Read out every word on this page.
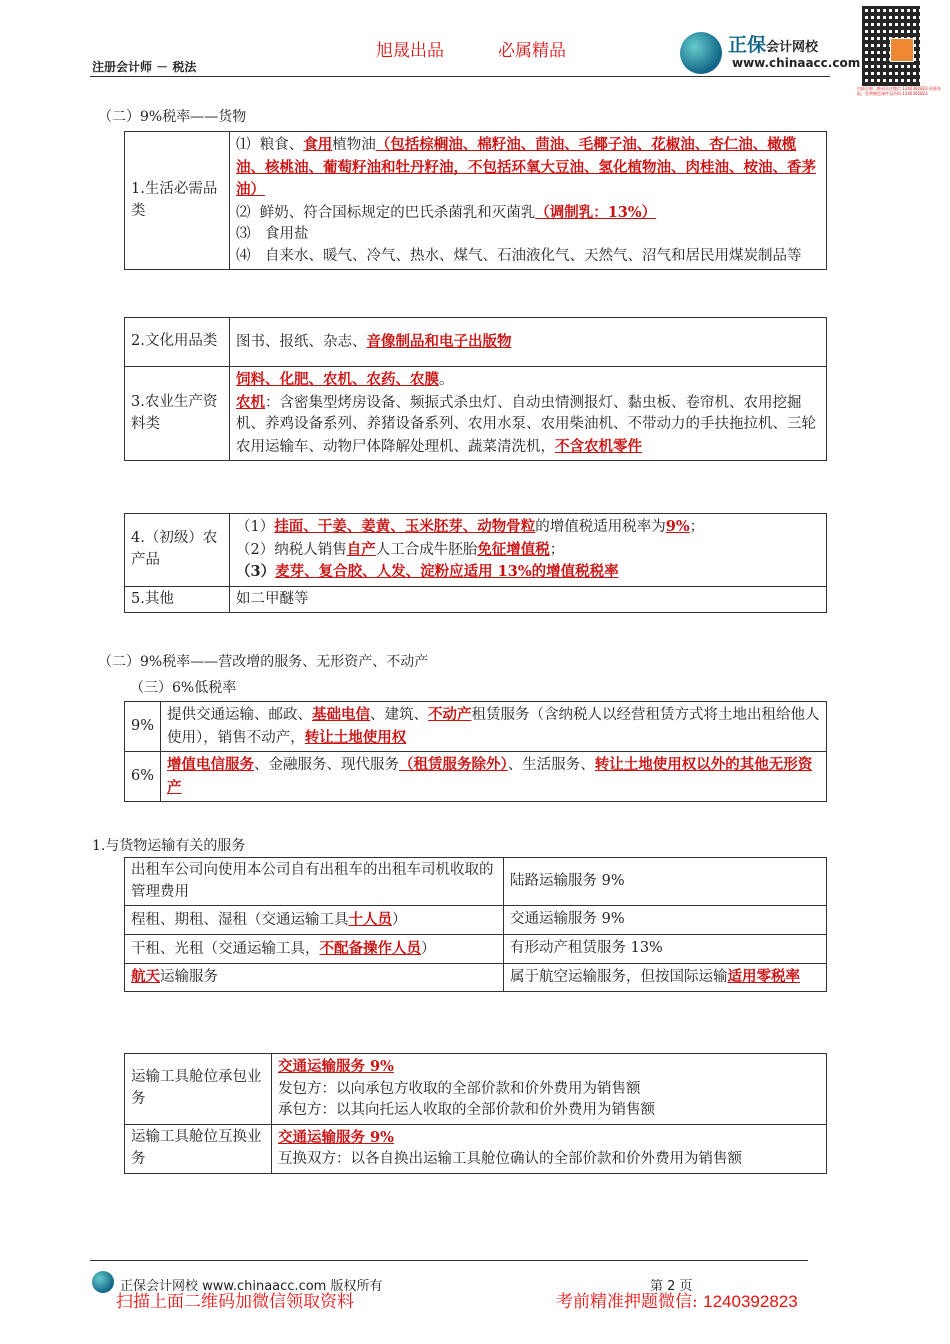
旭晟出品	必属精品
注册会计师 － 税法
正保会计网校
www.chinaacc.com
扫描左侧二维码关注微信 1240392823 资源获取，免费赠送课件及资料 1240392823
（二）9%税率——货物
1.生活必需品类	
⑴ 粮食、食用植物油（包括棕榈油、棉籽油、茴油、毛椰子油、花椒油、杏仁油、橄榄油、核桃油、葡萄籽油和牡丹籽油，不包括环氧大豆油、氢化植物油、肉桂油、桉油、香茅油）
⑵ 鲜奶、符合国标规定的巴氏杀菌乳和灭菌乳（调制乳：13%）
⑶　食用盐
⑷　自来水、暖气、冷气、热水、煤气、石油液化气、天然气、沼气和居民用煤炭制品等
2.文化用品类	图书、报纸、杂志、音像制品和电子出版物
3.农业生产资料类	饲料、化肥、农机、农药、农膜。
农机：含密集型烤房设备、频振式杀虫灯、自动虫情测报灯、黏虫板、卷帘机、农用挖掘机、养鸡设备系列、养猪设备系列、农用水泵、农用柴油机、不带动力的手扶拖拉机、三轮农用运输车、动物尸体降解处理机、蔬菜清洗机，不含农机零件
4.（初级）农产品	（1）挂面、干姜、姜黄、玉米胚芽、动物骨粒的增值税适用税率为9%；
（2）纳税人销售自产人工合成牛胚胎免征增值税；
（3）麦芽、复合胶、人发、淀粉应适用 13%的增值税税率

5.其他	如二甲醚等
（二）9%税率——营改增的服务、无形资产、不动产
（三）6%低税率
9%	提供交通运输、邮政、基础电信、建筑、不动产租赁服务（含纳税人以经营租赁方式将土地出租给他人使用），销售不动产，转让土地使用权
6%	增值电信服务、金融服务、现代服务（租赁服务除外）、生活服务、转让土地使用权以外的其他无形资产
1.与货物运输有关的服务
出租车公司向使用本公司自有出租车的出租车司机收取的管理费用	陆路运输服务 9%
程租、期租、湿租（交通运输工具十人员）	交通运输服务 9%
干租、光租（交通运输工具，不配备操作人员）	有形动产租赁服务 13%
航天运输服务	属于航空运输服务，但按国际运输适用零税率
运输工具舱位承包业务	交通运输服务 9%
发包方：以向承包方收取的全部价款和价外费用为销售额
承包方：以其向托运人收取的全部价款和价外费用为销售额

运输工具舱位互换业务	交通运输服务 9%
互换双方：以各自换出运输工具舱位确认的全部价款和价外费用为销售额
正保会计网校 www.chinaacc.com 版权所有	第 2 页
扫描上面二维码加微信领取资料	考前精准押题微信: 1240392823
